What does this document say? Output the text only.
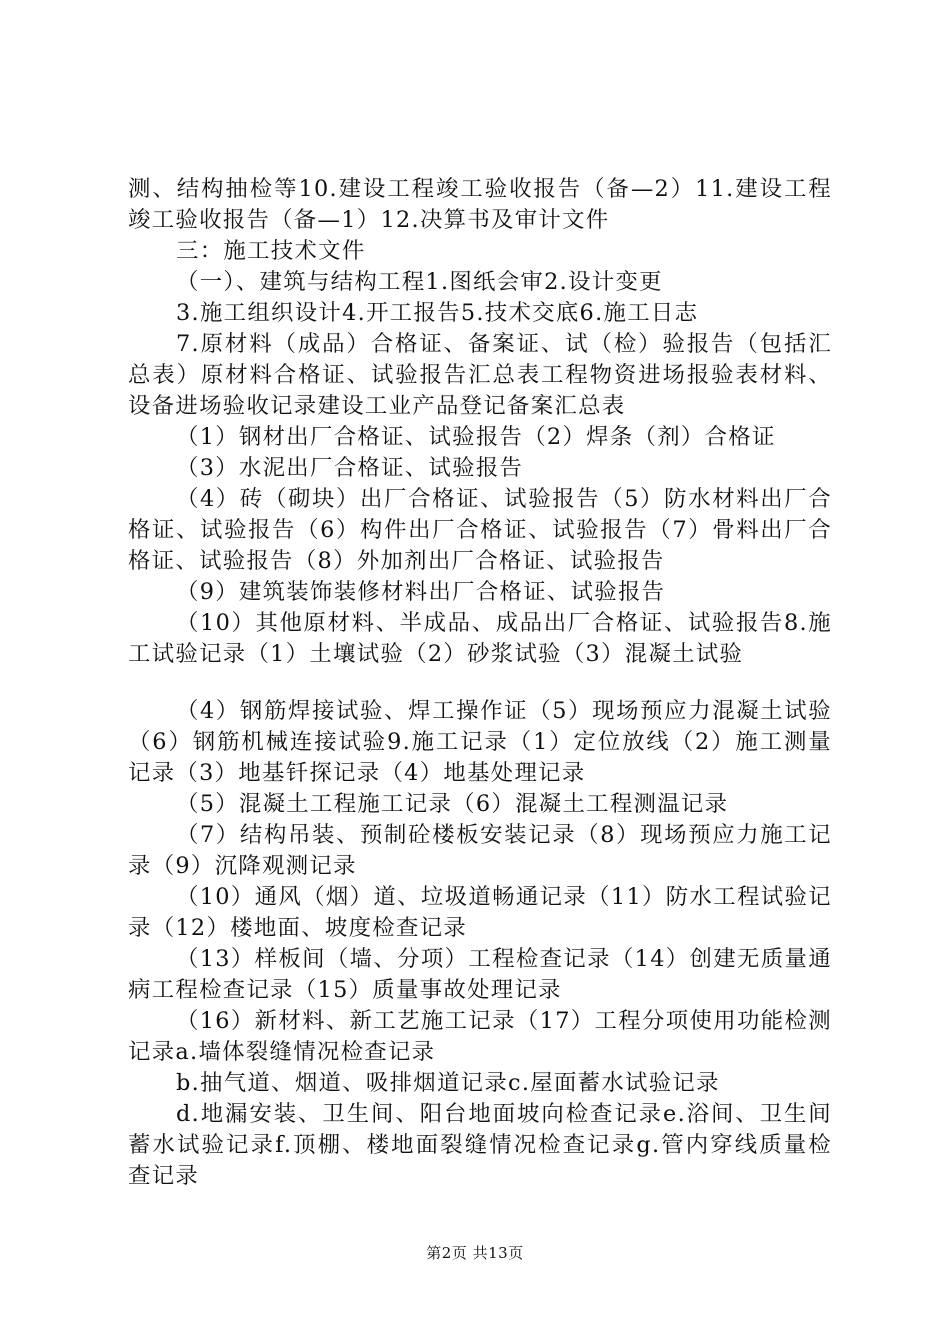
测、结构抽检等10.建设工程竣工验收报告（备—2）11.建设工程竣工验收报告（备—1）12.决算书及审计文件

三：施工技术文件

（一）、建筑与结构工程1.图纸会审2.设计变更

3.施工组织设计4.开工报告5.技术交底6.施工日志

7.原材料（成品）合格证、备案证、试（检）验报告（包括汇总表）原材料合格证、试验报告汇总表工程物资进场报验表材料、设备进场验收记录建设工业产品登记备案汇总表

（1）钢材出厂合格证、试验报告（2）焊条（剂）合格证

（3）水泥出厂合格证、试验报告

（4）砖（砌块）出厂合格证、试验报告（5）防水材料出厂合格证、试验报告（6）构件出厂合格证、试验报告（7）骨料出厂合格证、试验报告（8）外加剂出厂合格证、试验报告

（9）建筑装饰装修材料出厂合格证、试验报告

（10）其他原材料、半成品、成品出厂合格证、试验报告8.施工试验记录（1）土壤试验（2）砂浆试验（3）混凝土试验

（4）钢筋焊接试验、焊工操作证（5）现场预应力混凝土试验（6）钢筋机械连接试验9.施工记录（1）定位放线（2）施工测量记录（3）地基钎探记录（4）地基处理记录

（5）混凝土工程施工记录（6）混凝土工程测温记录

（7）结构吊装、预制砼楼板安装记录（8）现场预应力施工记录（9）沉降观测记录

（10）通风（烟）道、垃圾道畅通记录（11）防水工程试验记录（12）楼地面、坡度检查记录

（13）样板间（墙、分项）工程检查记录（14）创建无质量通病工程检查记录（15）质量事故处理记录

（16）新材料、新工艺施工记录（17）工程分项使用功能检测记录a.墙体裂缝情况检查记录

b.抽气道、烟道、吸排烟道记录c.屋面蓄水试验记录

d.地漏安装、卫生间、阳台地面坡向检查记录e.浴间、卫生间蓄水试验记录f.顶棚、楼地面裂缝情况检查记录g.管内穿线质量检查记录

第2页 共13页
